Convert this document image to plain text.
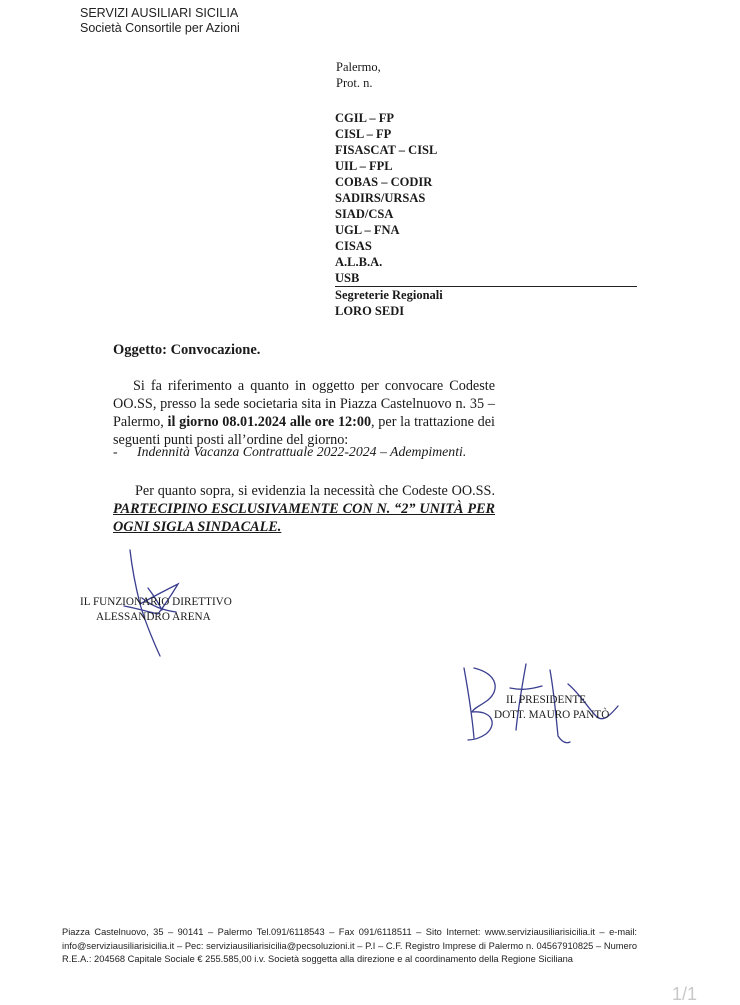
SERVIZI AUSILIARI SICILIA
Società Consortile per Azioni
Palermo,
Prot. n.
CGIL – FP
CISL – FP
FISASCAT – CISL
UIL – FPL
COBAS – CODIR
SADIRS/URSAS
SIAD/CSA
UGL – FNA
CISAS
A.L.B.A.
USB
Segreterie Regionali
LORO SEDI
Oggetto: Convocazione.
Si fa riferimento a quanto in oggetto per convocare Codeste OO.SS, presso la sede societaria sita in Piazza Castelnuovo n. 35 – Palermo, il giorno 08.01.2024 alle ore 12:00, per la trattazione dei seguenti punti posti all’ordine del giorno:
- Indennità Vacanza Contrattuale 2022-2024 – Adempimenti.
Per quanto sopra, si evidenzia la necessità che Codeste OO.SS. PARTECIPINO ESCLUSIVAMENTE CON N. “2” UNITÀ PER OGNI SIGLA SINDACALE.
IL FUNZIONARIO DIRETTIVO
ALESSANDRO ARENA
IL PRESIDENTE
DOTT. MAURO PANTÒ
Piazza Castelnuovo, 35 – 90141 – Palermo Tel.091/6118543 – Fax 091/6118511 – Sito Internet: www.serviziausiliarisicilia.it – e-mail: info@serviziausiliarisicilia.it – Pec: serviziausiliarisicilia@pecsoluzioni.it – P.I – C.F. Registro Imprese di Palermo n. 04567910825 – Numero R.E.A.: 204568 Capitale Sociale € 255.585,00 i.v. Società soggetta alla direzione e al coordinamento della Regione Siciliana
1/1
